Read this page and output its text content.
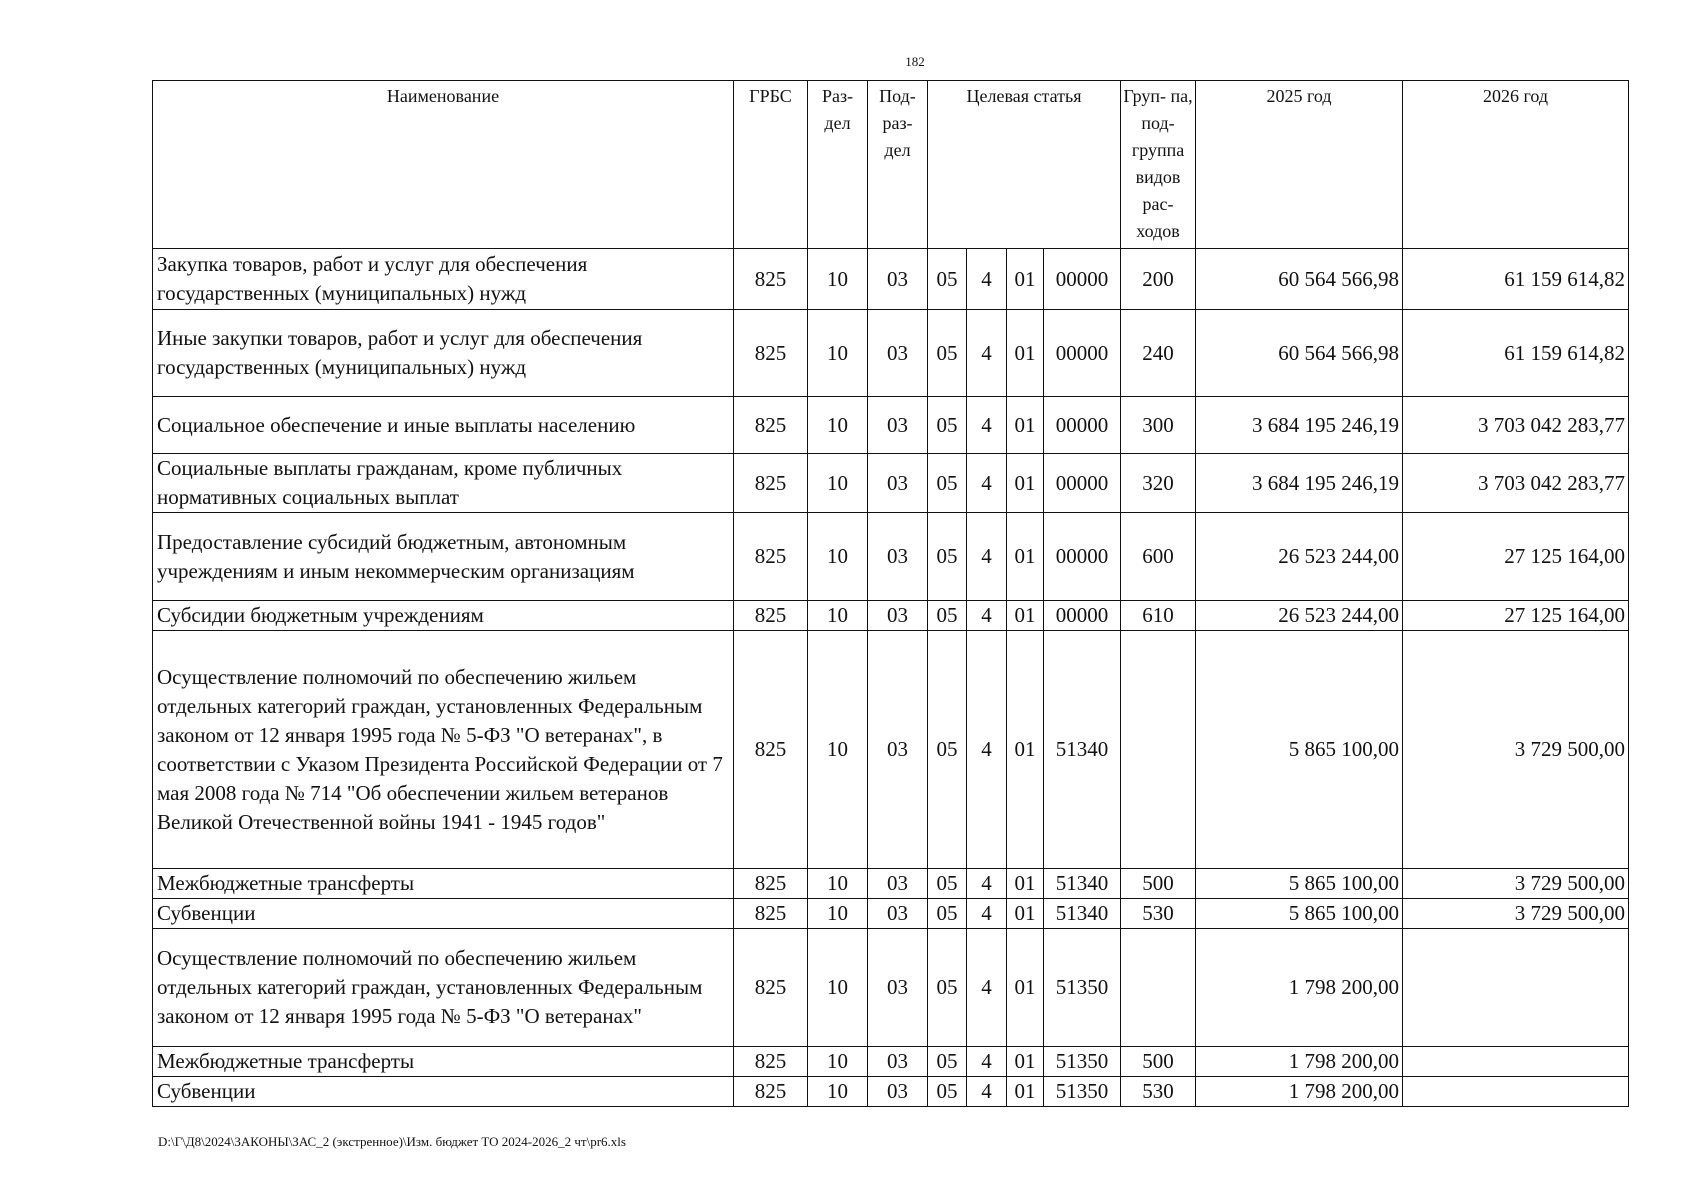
182
Наименование	ГРБС	Раз- дел	Под- раз- дел	Целевая статья				Груп- па, под- группа видов рас- ходов	2025 год	2026 год
Закупка товаров, работ и услуг для обеспечения государственных (муниципальных) нужд	825	10	03	05	4	01	00000	200	60 564 566,98	61 159 614,82
Иные закупки товаров, работ и услуг для обеспечения государственных (муниципальных) нужд	825	10	03	05	4	01	00000	240	60 564 566,98	61 159 614,82
Социальное обеспечение и иные выплаты населению	825	10	03	05	4	01	00000	300	3 684 195 246,19	3 703 042 283,77
Социальные выплаты гражданам, кроме публичных нормативных социальных выплат	825	10	03	05	4	01	00000	320	3 684 195 246,19	3 703 042 283,77
Предоставление субсидий бюджетным, автономным учреждениям и иным некоммерческим организациям	825	10	03	05	4	01	00000	600	26 523 244,00	27 125 164,00
Субсидии бюджетным учреждениям	825	10	03	05	4	01	00000	610	26 523 244,00	27 125 164,00
Осуществление полномочий по обеспечению жильем отдельных категорий граждан, установленных Федеральным законом от 12 января 1995 года № 5-ФЗ "О ветеранах", в соответствии с Указом Президента Российской Федерации от 7 мая 2008 года № 714 "Об обеспечении жильем ветеранов Великой Отечественной войны 1941 - 1945 годов"	825	10	03	05	4	01	51340		5 865 100,00	3 729 500,00
Межбюджетные трансферты	825	10	03	05	4	01	51340	500	5 865 100,00	3 729 500,00
Субвенции	825	10	03	05	4	01	51340	530	5 865 100,00	3 729 500,00
Осуществление полномочий по обеспечению жильем отдельных категорий граждан, установленных Федеральным законом от 12 января 1995 года № 5-ФЗ "О ветеранах"	825	10	03	05	4	01	51350		1 798 200,00	
Межбюджетные трансферты	825	10	03	05	4	01	51350	500	1 798 200,00	
Субвенции	825	10	03	05	4	01	51350	530	1 798 200,00	
D:\Г\Д8\2024\ЗАКОНЫ\ЗАС_2 (экстренное)\Изм. бюджет ТО 2024-2026_2 чт\pr6.xls
